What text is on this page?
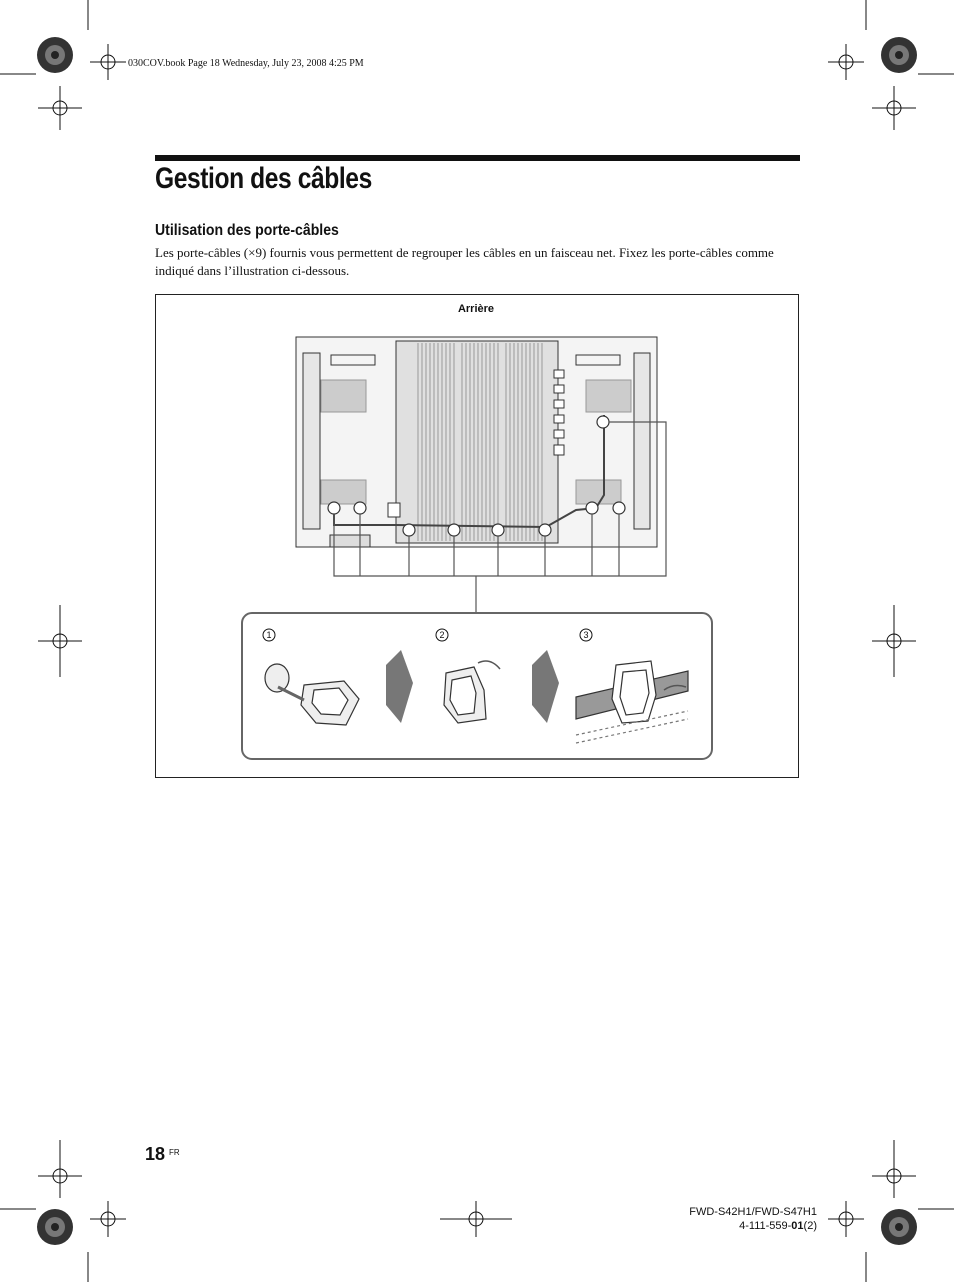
030COV.book Page 18 Wednesday, July 23, 2008 4:25 PM
Gestion des câbles
Utilisation des porte-câbles
Les porte-câbles (×9) fournis vous permettent de regrouper les câbles en un faisceau net. Fixez les porte-câbles comme indiqué dans l’illustration ci-dessous.
Arrière
1	2	3
18 FR
FWD-S42H1/FWD-S47H1
4-111-559-01(2)
